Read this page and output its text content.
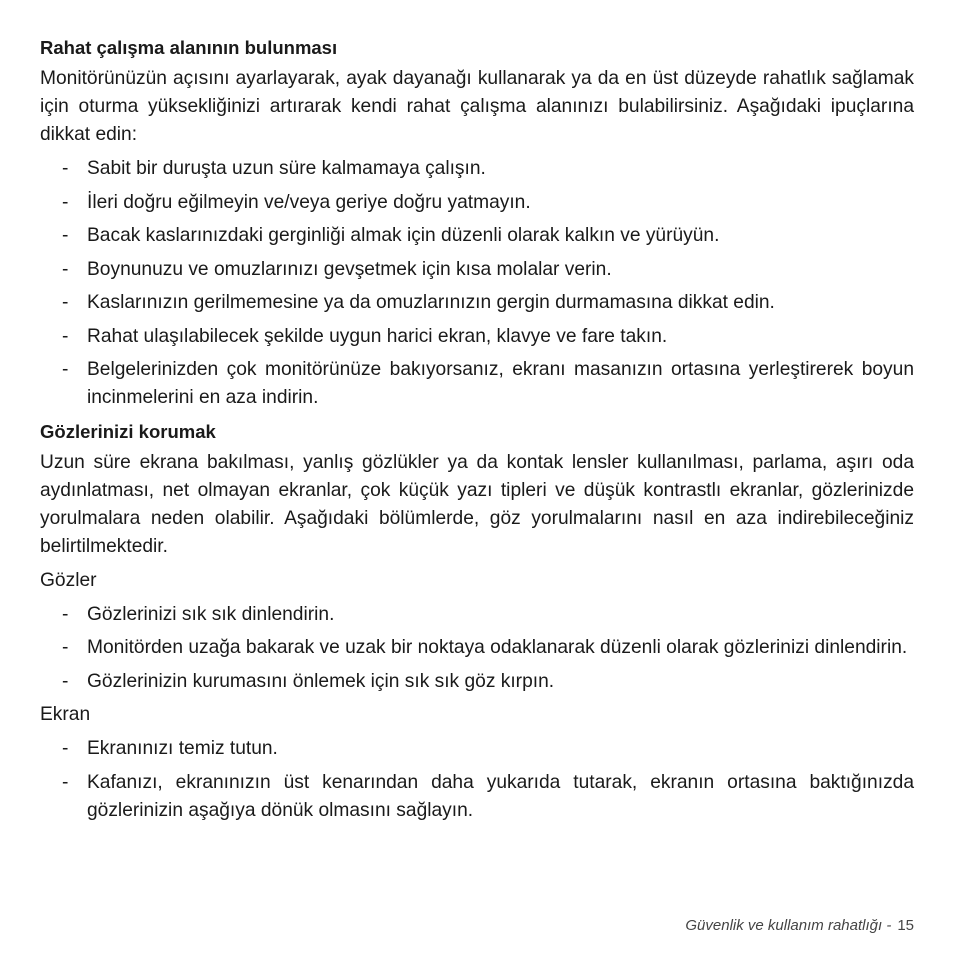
Rahat çalışma alanının bulunması
Monitörünüzün açısını ayarlayarak, ayak dayanağı kullanarak ya da en üst düzeyde rahatlık sağlamak için oturma yüksekliğinizi artırarak kendi rahat çalışma alanınızı bulabilirsiniz. Aşağıdaki ipuçlarına dikkat edin:
- Sabit bir duruşta uzun süre kalmamaya çalışın.
- İleri doğru eğilmeyin ve/veya geriye doğru yatmayın.
- Bacak kaslarınızdaki gerginliği almak için düzenli olarak kalkın ve yürüyün.
- Boynunuzu ve omuzlarınızı gevşetmek için kısa molalar verin.
- Kaslarınızın gerilmemesine ya da omuzlarınızın gergin durmamasına dikkat edin.
- Rahat ulaşılabilecek şekilde uygun harici ekran, klavye ve fare takın.
- Belgelerinizden çok monitörünüze bakıyorsanız, ekranı masanızın ortasına yerleştirerek boyun incinmelerini en aza indirin.
Gözlerinizi korumak
Uzun süre ekrana bakılması, yanlış gözlükler ya da kontak lensler kullanılması, parlama, aşırı oda aydınlatması, net olmayan ekranlar, çok küçük yazı tipleri ve düşük kontrastlı ekranlar, gözlerinizde yorulmalara neden olabilir. Aşağıdaki bölümlerde, göz yorulmalarını nasıl en aza indirebileceğiniz belirtilmektedir.
Gözler
- Gözlerinizi sık sık dinlendirin.
- Monitörden uzağa bakarak ve uzak bir noktaya odaklanarak düzenli olarak gözlerinizi dinlendirin.
- Gözlerinizin kurumasını önlemek için sık sık göz kırpın.
Ekran
- Ekranınızı temiz tutun.
- Kafanızı, ekranınızın üst kenarından daha yukarıda tutarak, ekranın ortasına baktığınızda gözlerinizin aşağıya dönük olmasını sağlayın.
Güvenlik ve kullanım rahatlığı - 15
